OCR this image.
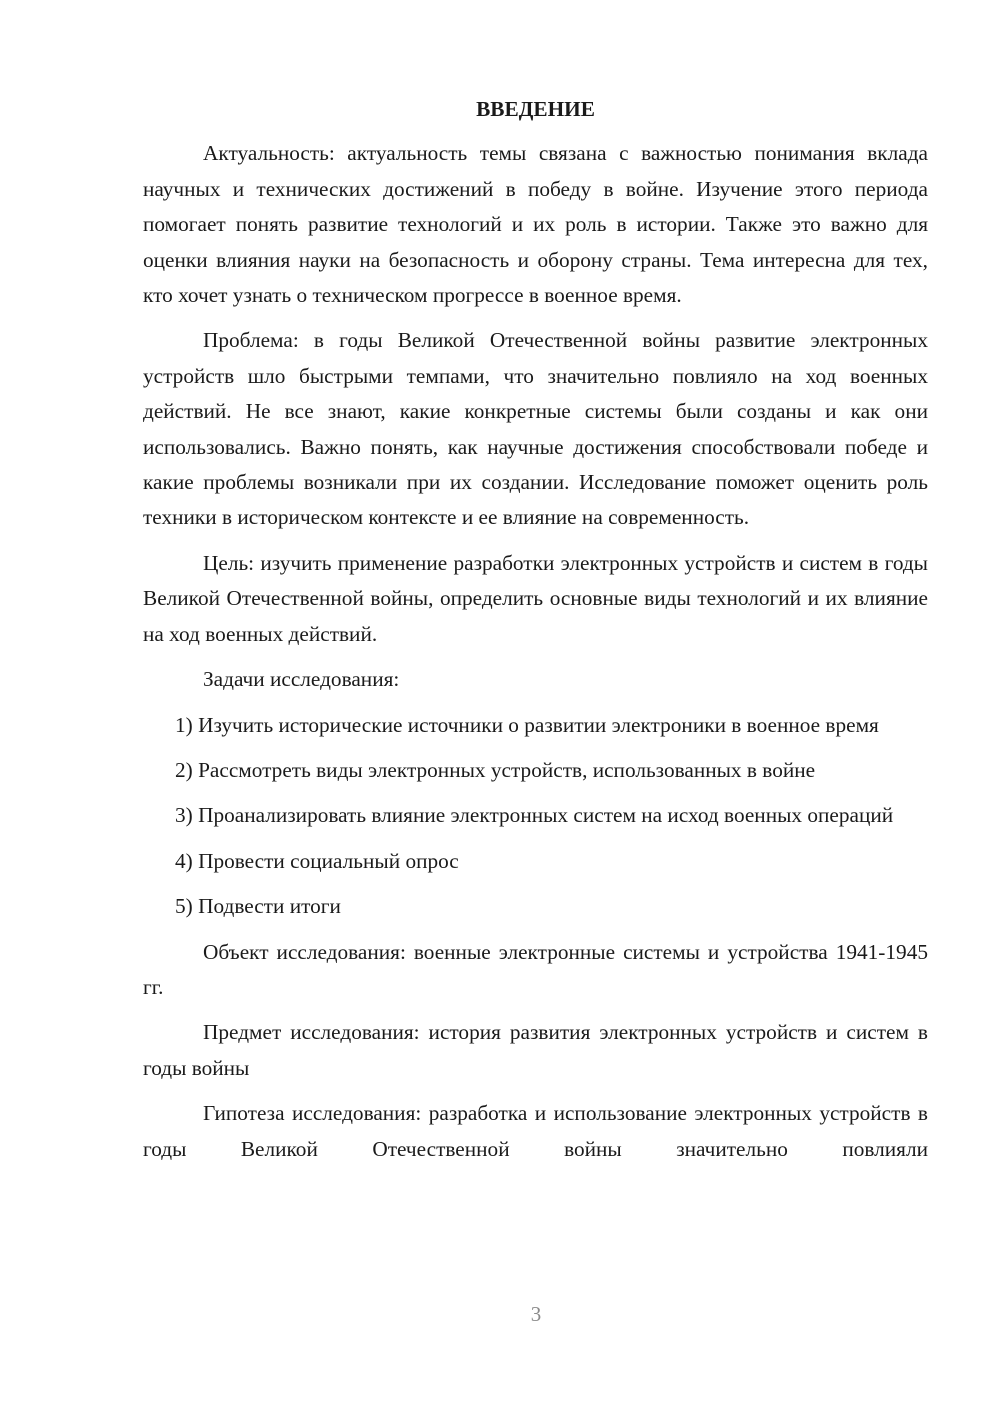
ВВЕДЕНИЕ

Актуальность: актуальность темы связана с важностью понимания вклада научных и технических достижений в победу в войне. Изучение этого периода помогает понять развитие технологий и их роль в истории. Также это важно для оценки влияния науки на безопасность и оборону страны. Тема интересна для тех, кто хочет узнать о техническом прогрессе в военное время.

Проблема: в годы Великой Отечественной войны развитие электронных устройств шло быстрыми темпами, что значительно повлияло на ход военных действий. Не все знают, какие конкретные системы были созданы и как они использовались. Важно понять, как научные достижения способствовали победе и какие проблемы возникали при их создании. Исследование поможет оценить роль техники в историческом контексте и ее влияние на современность.

Цель: изучить применение разработки электронных устройств и систем в годы Великой Отечественной войны, определить основные виды технологий и их влияние на ход военных действий.

Задачи исследования:

1) Изучить исторические источники о развитии электроники в военное время

2) Рассмотреть виды электронных устройств, использованных в войне

3) Проанализировать влияние электронных систем на исход военных операций

4) Провести социальный опрос

5) Подвести итоги

Объект исследования: военные электронные системы и устройства 1941-1945 гг.

Предмет исследования: история развития электронных устройств и систем в годы войны

Гипотеза исследования: разработка и использование электронных устройств в годы Великой Отечественной войны значительно повлияли

3
